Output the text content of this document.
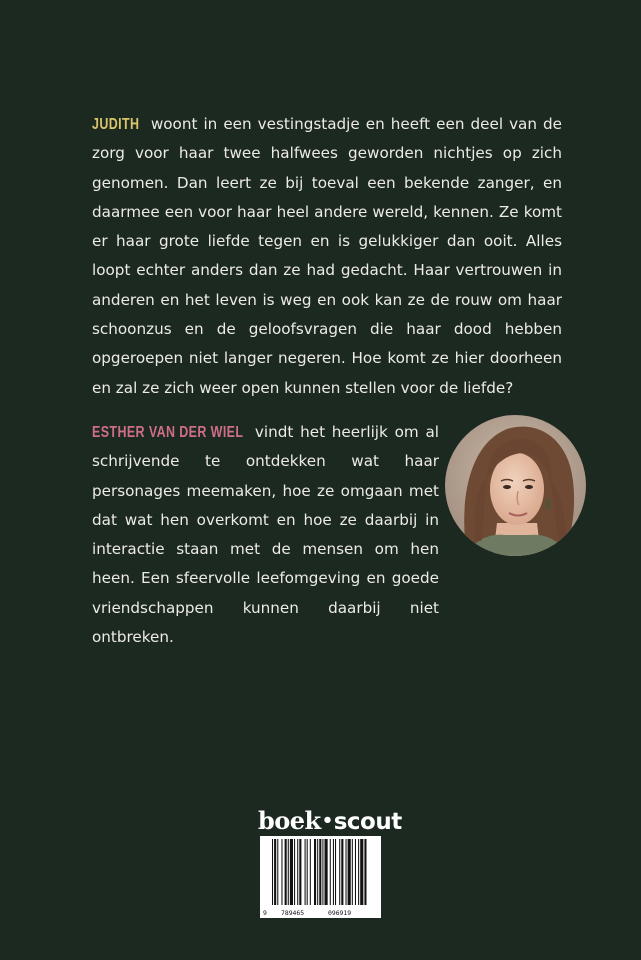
JUDITH woont in een vestingstadje en heeft een deel van de zorg voor haar twee halfwees geworden nichtjes op zich genomen. Dan leert ze bij toeval een bekende zanger, en daarmee een voor haar heel andere wereld, kennen. Ze komt er haar grote liefde tegen en is gelukkiger dan ooit. Alles loopt echter anders dan ze had gedacht. Haar vertrouwen in anderen en het leven is weg en ook kan ze de rouw om haar schoonzus en de geloofsvragen die haar dood hebben opgeroepen niet langer negeren. Hoe komt ze hier doorheen en zal ze zich weer open kunnen stellen voor de liefde?

ESTHER VAN DER WIEL vindt het heerlijk om al schrijvende te ontdekken wat haar personages meemaken, hoe ze omgaan met dat wat hen overkomt en hoe ze daarbij in interactie staan met de mensen om hen heen. Een sfeervolle leefomgeving en goede vriendschappen kunnen daarbij niet ontbreken.

boek•scout
9 789465	096919
